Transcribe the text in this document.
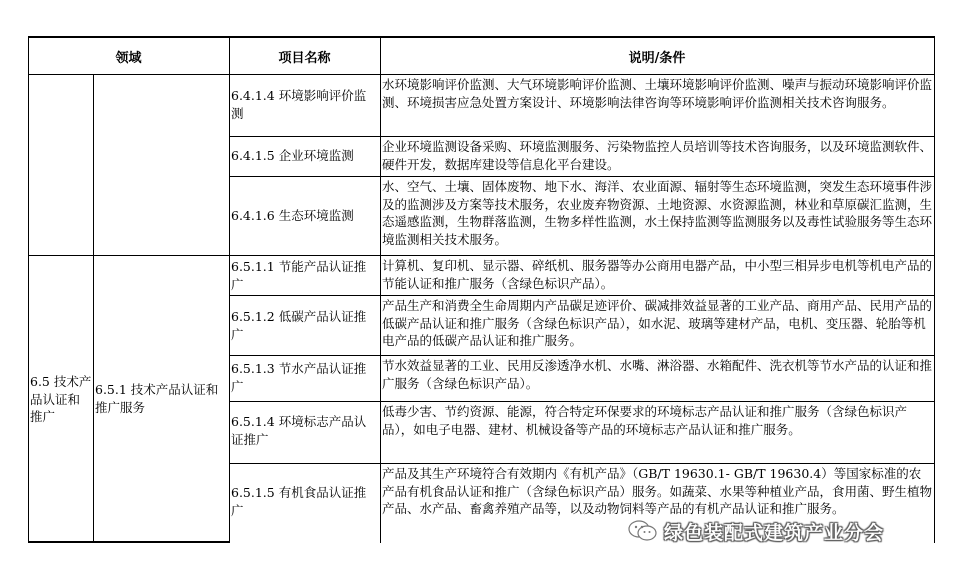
领域	项目名称	说明/条件
6.5 技术产品认证和推广
6.5.1 技术产品认证和推广服务
6.4.1.4 环境影响评价监测
6.4.1.5 企业环境监测
6.4.1.6 生态环境监测
6.5.1.1 节能产品认证推广
6.5.1.2 低碳产品认证推广
6.5.1.3 节水产品认证推广
6.5.1.4 环境标志产品认证推广
6.5.1.5 有机食品认证推广
水环境影响评价监测、大气环境影响评价监测、土壤环境影响评价监测、噪声与振动环境影响评价监测、环境损害应急处置方案设计、环境影响法律咨询等环境影响评价监测相关技术咨询服务。
企业环境监测设备采购、环境监测服务、污染物监控人员培训等技术咨询服务，以及环境监测软件、硬件开发，数据库建设等信息化平台建设。
水、空气、土壤、固体废物、地下水、海洋、农业面源、辐射等生态环境监测，突发生态环境事件涉及的监测涉及方案等技术服务，农业废弃物资源、土地资源、水资源监测，林业和草原碳汇监测，生态遥感监测，生物群落监测，生物多样性监测，水土保持监测等监测服务以及毒性试验服务等生态环境监测相关技术服务。
计算机、复印机、显示器、碎纸机、服务器等办公商用电器产品，中小型三相异步电机等机电产品的节能认证和推广服务（含绿色标识产品）。
产品生产和消费全生命周期内产品碳足迹评价、碳减排效益显著的工业产品、商用产品、民用产品的低碳产品认证和推广服务（含绿色标识产品），如水泥、玻璃等建材产品，电机、变压器、轮胎等机电产品的低碳产品认证和推广服务。
节水效益显著的工业、民用反渗透净水机、水嘴、淋浴器、水箱配件、洗衣机等节水产品的认证和推广服务（含绿色标识产品）。
低毒少害、节约资源、能源，符合特定环保要求的环境标志产品认证和推广服务（含绿色标识产品），如电子电器、建材、机械设备等产品的环境标志产品认证和推广服务。
产品及其生产环境符合有效期内《有机产品》（GB/T 19630.1- GB/T 19630.4）等国家标准的农产品有机食品认证和推广（含绿色标识产品）服务。如蔬菜、水果等种植业产品，食用菌、野生植物产品、水产品、畜禽养殖产品等，以及动物饲料等产品的有机产品认证和推广服务。
绿色装配式建筑产业分会
